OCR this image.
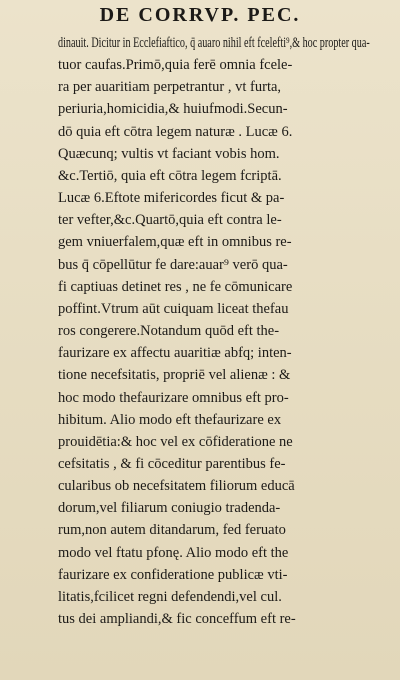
DE CORRVP. PEC.
dinauit. Dicitur in Ecclefiaftico, q̄ auaro nihil eft fcelefti⁹,& hoc propter qua-
tuor caufas.Primō,quia ferē omnia fcele-
ra per auaritiam perpetrantur , vt furta,
periuria,homicidia,& huiufmodi.Secun-
dō quia eft cōtra legem naturæ . Lucæ 6.
Quæcunq; vultis vt faciant vobis hom.
&c.Tertiō, quia eft cōtra legem fcriptā.
Lucæ 6.Eftote mifericordes ficut & pa-
ter vefter,&c.Quartō,quia eft contra le-
gem vniuerfalem,quæ eft in omnibus re-
bus q̄ cōpellūtur fe dare:auar⁹ verō qua-
fi captiuas detinet res , ne fe cōmunicare
poffint.Vtrum aūt cuiquam liceat thefau
ros congerere.Notandum quōd eft the-
faurizare ex affectu auaritiæ abfq; inten-
tione necefsitatis, propriē vel alienæ : &
hoc modo thefaurizare omnibus eft pro-
hibitum. Alio modo eft thefaurizare ex
prouidētia:& hoc vel ex cōfideratione ne
cefsitatis , & fi cōceditur parentibus fe-
cularibus ob necefsitatem filiorum educā
dorum,vel filiarum coniugio tradenda-
rum,non autem ditandarum, fed feruato
modo vel ftatu pfonę. Alio modo eft the
faurizare ex confideratione publicæ vti-
litatis,fcilicet regni defendendi,vel cul.
tus dei ampliandi,& fic conceffum eft re-
